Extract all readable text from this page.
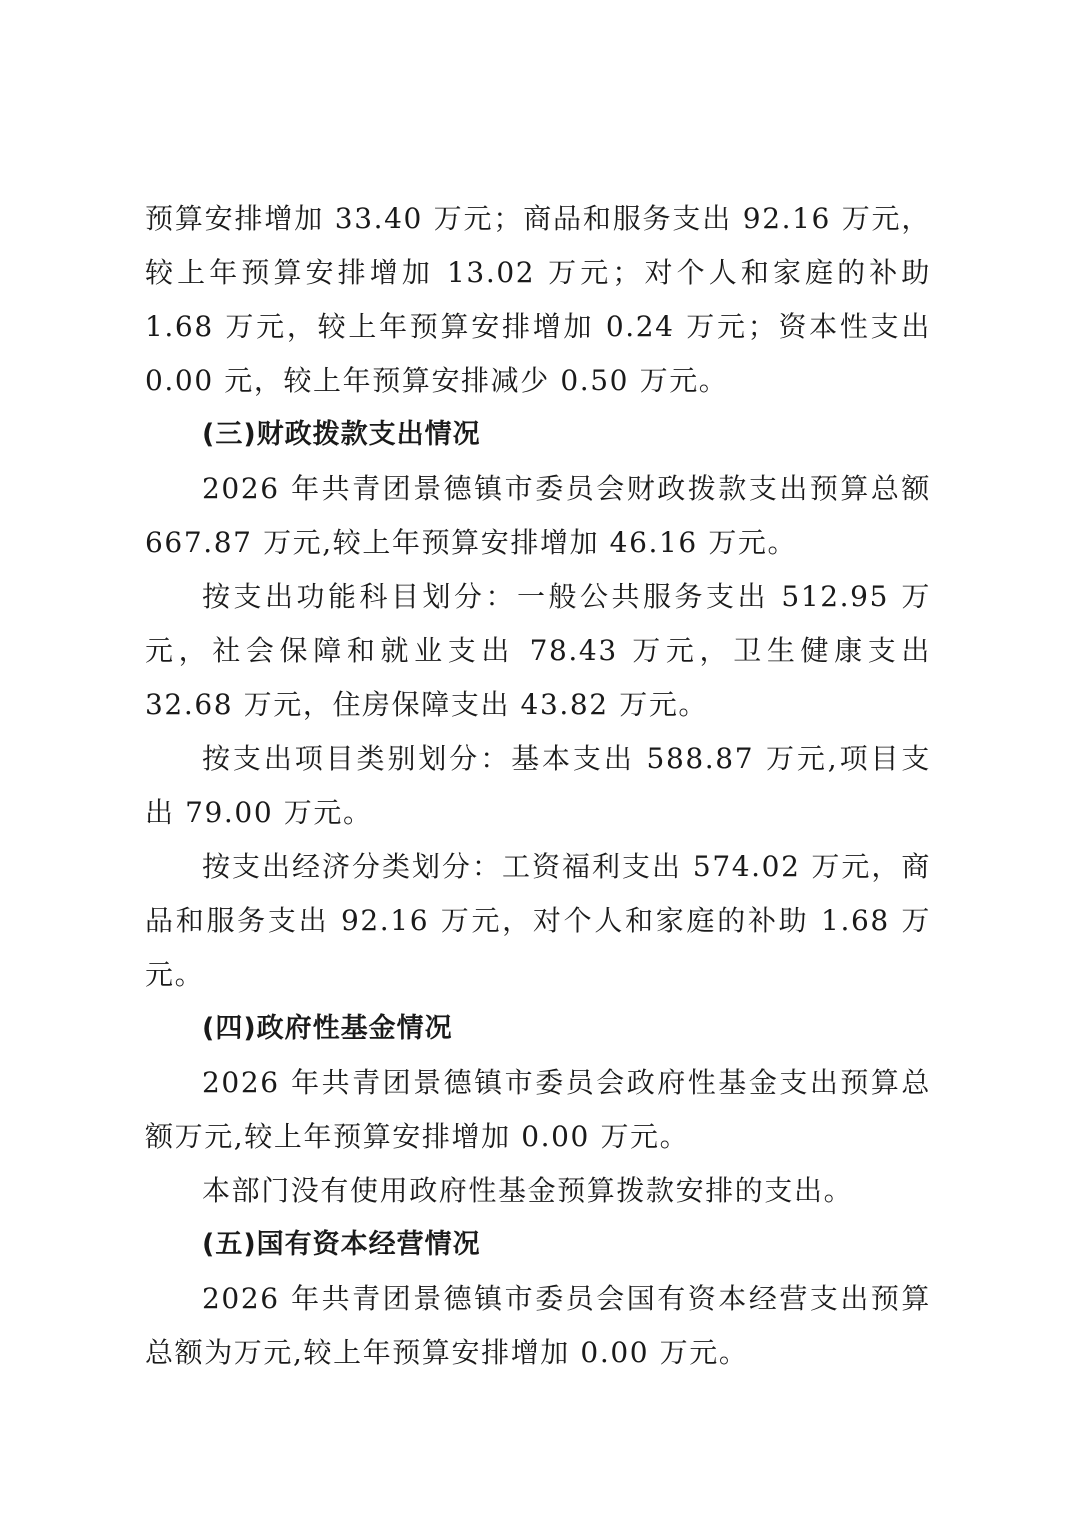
预算安排增加 33.40 万元；商品和服务支出 92.16 万元，较上年预算安排增加 13.02 万元；对个人和家庭的补助 1.68 万元，较上年预算安排增加 0.24 万元；资本性支出 0.00 元，较上年预算安排减少 0.50 万元。

(三)财政拨款支出情况

2026 年共青团景德镇市委员会财政拨款支出预算总额 667.87 万元,较上年预算安排增加 46.16 万元。

按支出功能科目划分：一般公共服务支出 512.95 万元，社会保障和就业支出 78.43 万元，卫生健康支出 32.68 万元，住房保障支出 43.82 万元。

按支出项目类别划分：基本支出 588.87 万元,项目支出 79.00 万元。

按支出经济分类划分：工资福利支出 574.02 万元，商品和服务支出 92.16 万元，对个人和家庭的补助 1.68 万元。

(四)政府性基金情况

2026 年共青团景德镇市委员会政府性基金支出预算总额万元,较上年预算安排增加 0.00 万元。

本部门没有使用政府性基金预算拨款安排的支出。

(五)国有资本经营情况

2026 年共青团景德镇市委员会国有资本经营支出预算总额为万元,较上年预算安排增加 0.00 万元。
